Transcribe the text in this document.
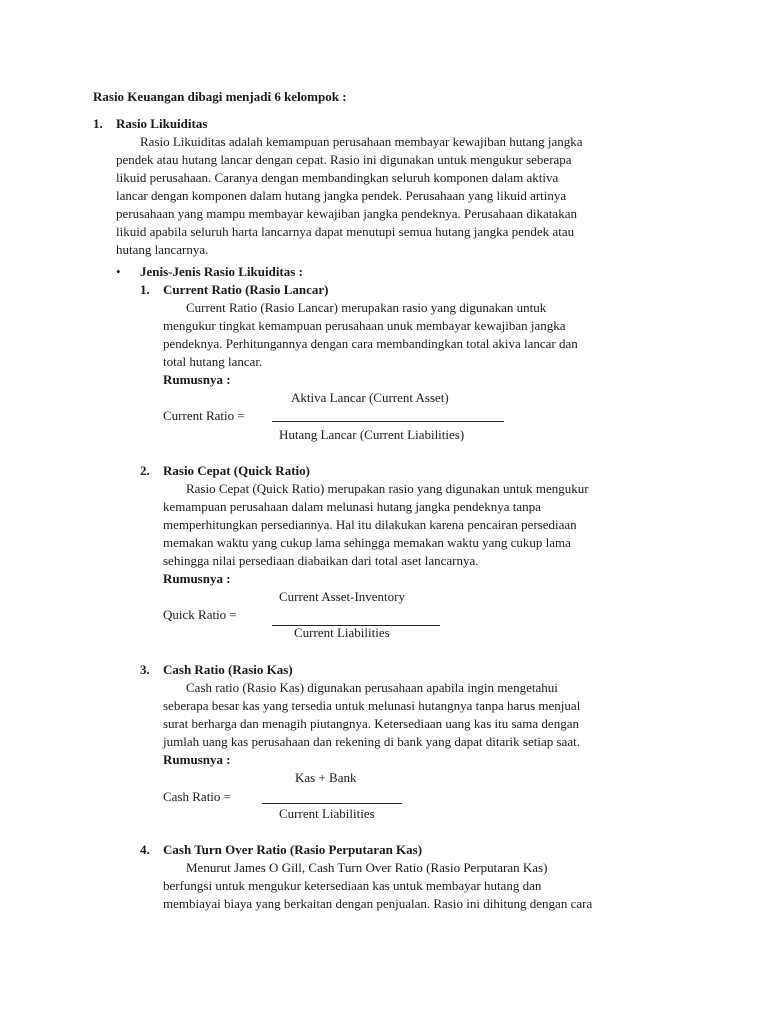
Rasio Keuangan dibagi menjadi 6 kelompok :
1. Rasio Likuiditas
Rasio Likuiditas adalah kemampuan perusahaan membayar kewajiban hutang jangka
pendek atau hutang lancar dengan cepat. Rasio ini digunakan untuk mengukur seberapa
likuid perusahaan. Caranya dengan membandingkan seluruh komponen dalam aktiva
lancar dengan komponen dalam hutang jangka pendek. Perusahaan yang likuid artinya
perusahaan yang mampu membayar kewajiban jangka pendeknya. Perusahaan dikatakan
likuid apabila seluruh harta lancarnya dapat menutupi semua hutang jangka pendek atau
hutang lancarnya.
• Jenis-Jenis Rasio Likuiditas :
1. Current Ratio (Rasio Lancar)
Current Ratio (Rasio Lancar) merupakan rasio yang digunakan untuk
mengukur tingkat kemampuan perusahaan unuk membayar kewajiban jangka
pendeknya. Perhitungannya dengan cara membandingkan total akiva lancar dan
total hutang lancar.
Rumusnya :
Aktiva Lancar (Current Asset)
Current Ratio =
Hutang Lancar (Current Liabilities)
2. Rasio Cepat (Quick Ratio)
Rasio Cepat (Quick Ratio) merupakan rasio yang digunakan untuk mengukur
kemampuan perusahaan dalam melunasi hutang jangka pendeknya tanpa
memperhitungkan persediannya. Hal itu dilakukan karena pencairan persediaan
memakan waktu yang cukup lama sehingga memakan waktu yang cukup lama
sehingga nilai persediaan diabaikan dari total aset lancarnya.
Rumusnya :
Current Asset-Inventory
Quick Ratio =
Current Liabilities
3. Cash Ratio (Rasio Kas)
Cash ratio (Rasio Kas) digunakan perusahaan apabila ingin mengetahui
seberapa besar kas yang tersedia untuk melunasi hutangnya tanpa harus menjual
surat berharga dan menagih piutangnya. Ketersediaan uang kas itu sama dengan
jumlah uang kas perusahaan dan rekening di bank yang dapat ditarik setiap saat.
Rumusnya :
Kas + Bank
Cash Ratio =
Current Liabilities
4. Cash Turn Over Ratio (Rasio Perputaran Kas)
Menurut James O Gill, Cash Turn Over Ratio (Rasio Perputaran Kas)
berfungsi untuk mengukur ketersediaan kas untuk membayar hutang dan
membiayai biaya yang berkaitan dengan penjualan. Rasio ini dihitung dengan cara
